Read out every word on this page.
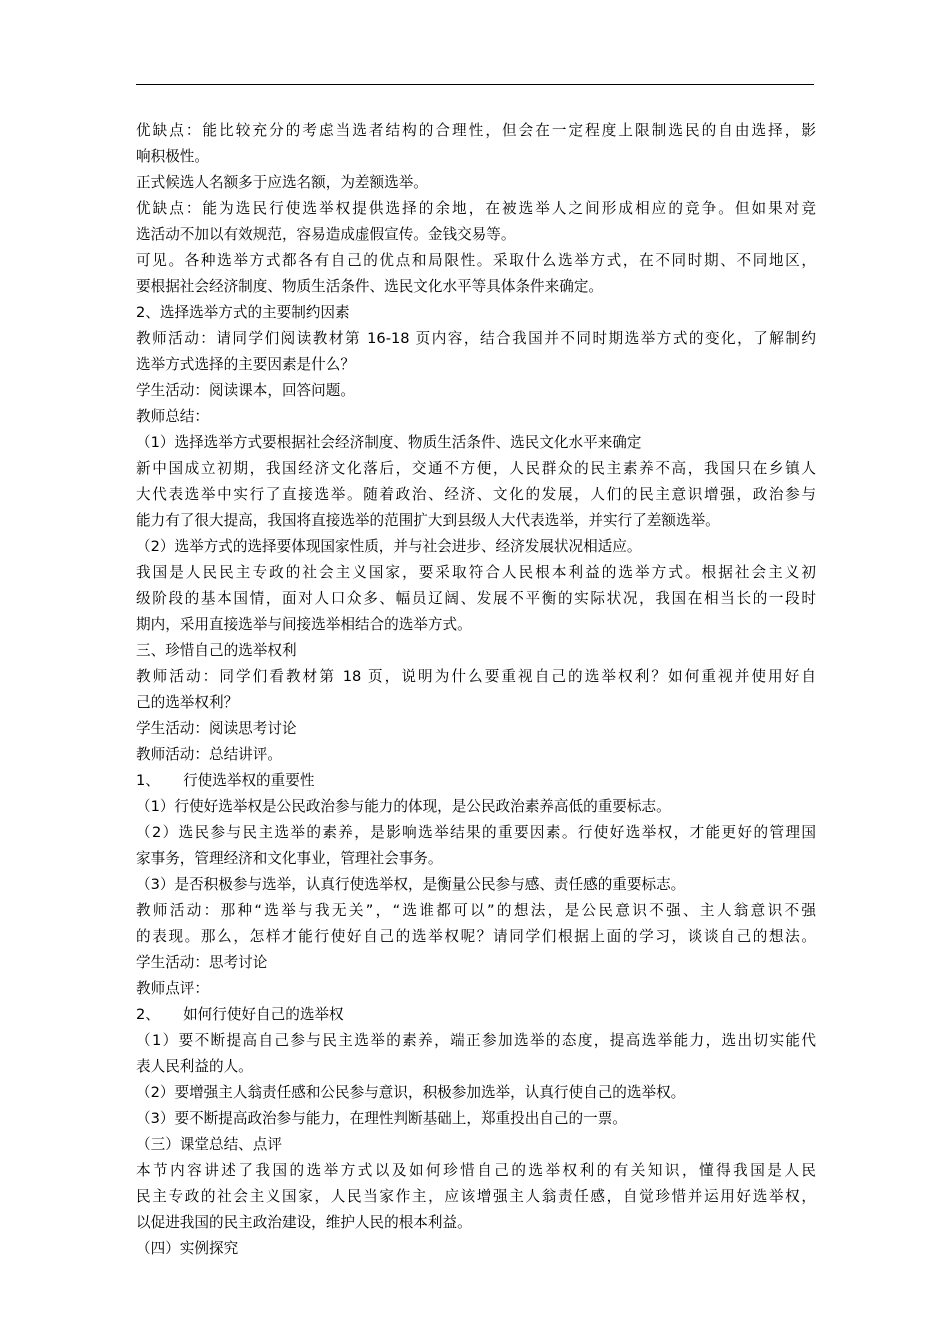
优缺点：能比较充分的考虑当选者结构的合理性，但会在一定程度上限制选民的自由选择，影
响积极性。
正式候选人名额多于应选名额，为差额选举。
优缺点：能为选民行使选举权提供选择的余地，在被选举人之间形成相应的竞争。但如果对竞
选活动不加以有效规范，容易造成虚假宣传。金钱交易等。
可见。各种选举方式都各有自己的优点和局限性。采取什么选举方式，在不同时期、不同地区，
要根据社会经济制度、物质生活条件、选民文化水平等具体条件来确定。
2、选择选举方式的主要制约因素
教师活动：请同学们阅读教材第 16-18 页内容，结合我国并不同时期选举方式的变化，了解制约
选举方式选择的主要因素是什么？
学生活动：阅读课本，回答问题。
教师总结：
（1）选择选举方式要根据社会经济制度、物质生活条件、选民文化水平来确定
新中国成立初期，我国经济文化落后，交通不方便，人民群众的民主素养不高，我国只在乡镇人
大代表选举中实行了直接选举。随着政治、经济、文化的发展，人们的民主意识增强，政治参与
能力有了很大提高，我国将直接选举的范围扩大到县级人大代表选举，并实行了差额选举。
（2）选举方式的选择要体现国家性质，并与社会进步、经济发展状况相适应。
我国是人民民主专政的社会主义国家，要采取符合人民根本利益的选举方式。根据社会主义初
级阶段的基本国情，面对人口众多、幅员辽阔、发展不平衡的实际状况，我国在相当长的一段时
期内，采用直接选举与间接选举相结合的选举方式。
三、珍惜自己的选举权利
教师活动：同学们看教材第 18 页，说明为什么要重视自己的选举权利？如何重视并使用好自
己的选举权利？
学生活动：阅读思考讨论
教师活动：总结讲评。
1、     行使选举权的重要性
（1）行使好选举权是公民政治参与能力的体现，是公民政治素养高低的重要标志。
（2）选民参与民主选举的素养，是影响选举结果的重要因素。行使好选举权，才能更好的管理国
家事务，管理经济和文化事业，管理社会事务。
（3）是否积极参与选举，认真行使选举权，是衡量公民参与感、责任感的重要标志。
教师活动：那种“选举与我无关”，“选谁都可以”的想法，是公民意识不强、主人翁意识不强
的表现。那么，怎样才能行使好自己的选举权呢？请同学们根据上面的学习，谈谈自己的想法。
学生活动：思考讨论
教师点评：
2、     如何行使好自己的选举权
（1）要不断提高自己参与民主选举的素养，端正参加选举的态度，提高选举能力，选出切实能代
表人民利益的人。
（2）要增强主人翁责任感和公民参与意识，积极参加选举，认真行使自己的选举权。
（3）要不断提高政治参与能力，在理性判断基础上，郑重投出自己的一票。
（三）课堂总结、点评
本节内容讲述了我国的选举方式以及如何珍惜自己的选举权利的有关知识，懂得我国是人民
民主专政的社会主义国家，人民当家作主，应该增强主人翁责任感，自觉珍惜并运用好选举权，
以促进我国的民主政治建设，维护人民的根本利益。
（四）实例探究
